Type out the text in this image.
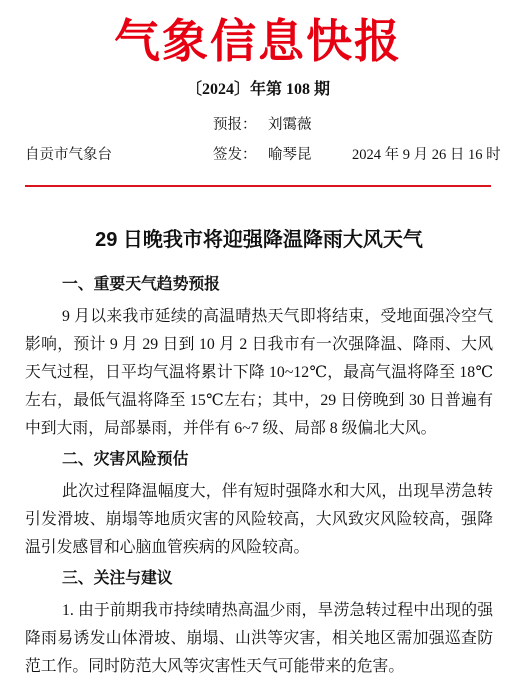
气象信息快报
〔2024〕年第 108 期
预报： 刘霭薇
自贡市气象台	签发： 喻琴昆	2024 年 9 月 26 日 16 时
29 日晚我市将迎强降温降雨大风天气
一、重要天气趋势预报
9 月以来我市延续的高温晴热天气即将结束，受地面强冷空气
影响，预计 9 月 29 日到 10 月 2 日我市有一次强降温、降雨、大风
天气过程，日平均气温将累计下降 10~12℃，最高气温将降至 18℃
左右，最低气温将降至 15℃左右；其中，29 日傍晚到 30 日普遍有
中到大雨，局部暴雨，并伴有 6~7 级、局部 8 级偏北大风。
二、灾害风险预估
此次过程降温幅度大，伴有短时强降水和大风，出现旱涝急转
引发滑坡、崩塌等地质灾害的风险较高，大风致灾风险较高，强降
温引发感冒和心脑血管疾病的风险较高。
三、关注与建议
1. 由于前期我市持续晴热高温少雨，旱涝急转过程中出现的强
降雨易诱发山体滑坡、崩塌、山洪等灾害，相关地区需加强巡查防
范工作。同时防范大风等灾害性天气可能带来的危害。
